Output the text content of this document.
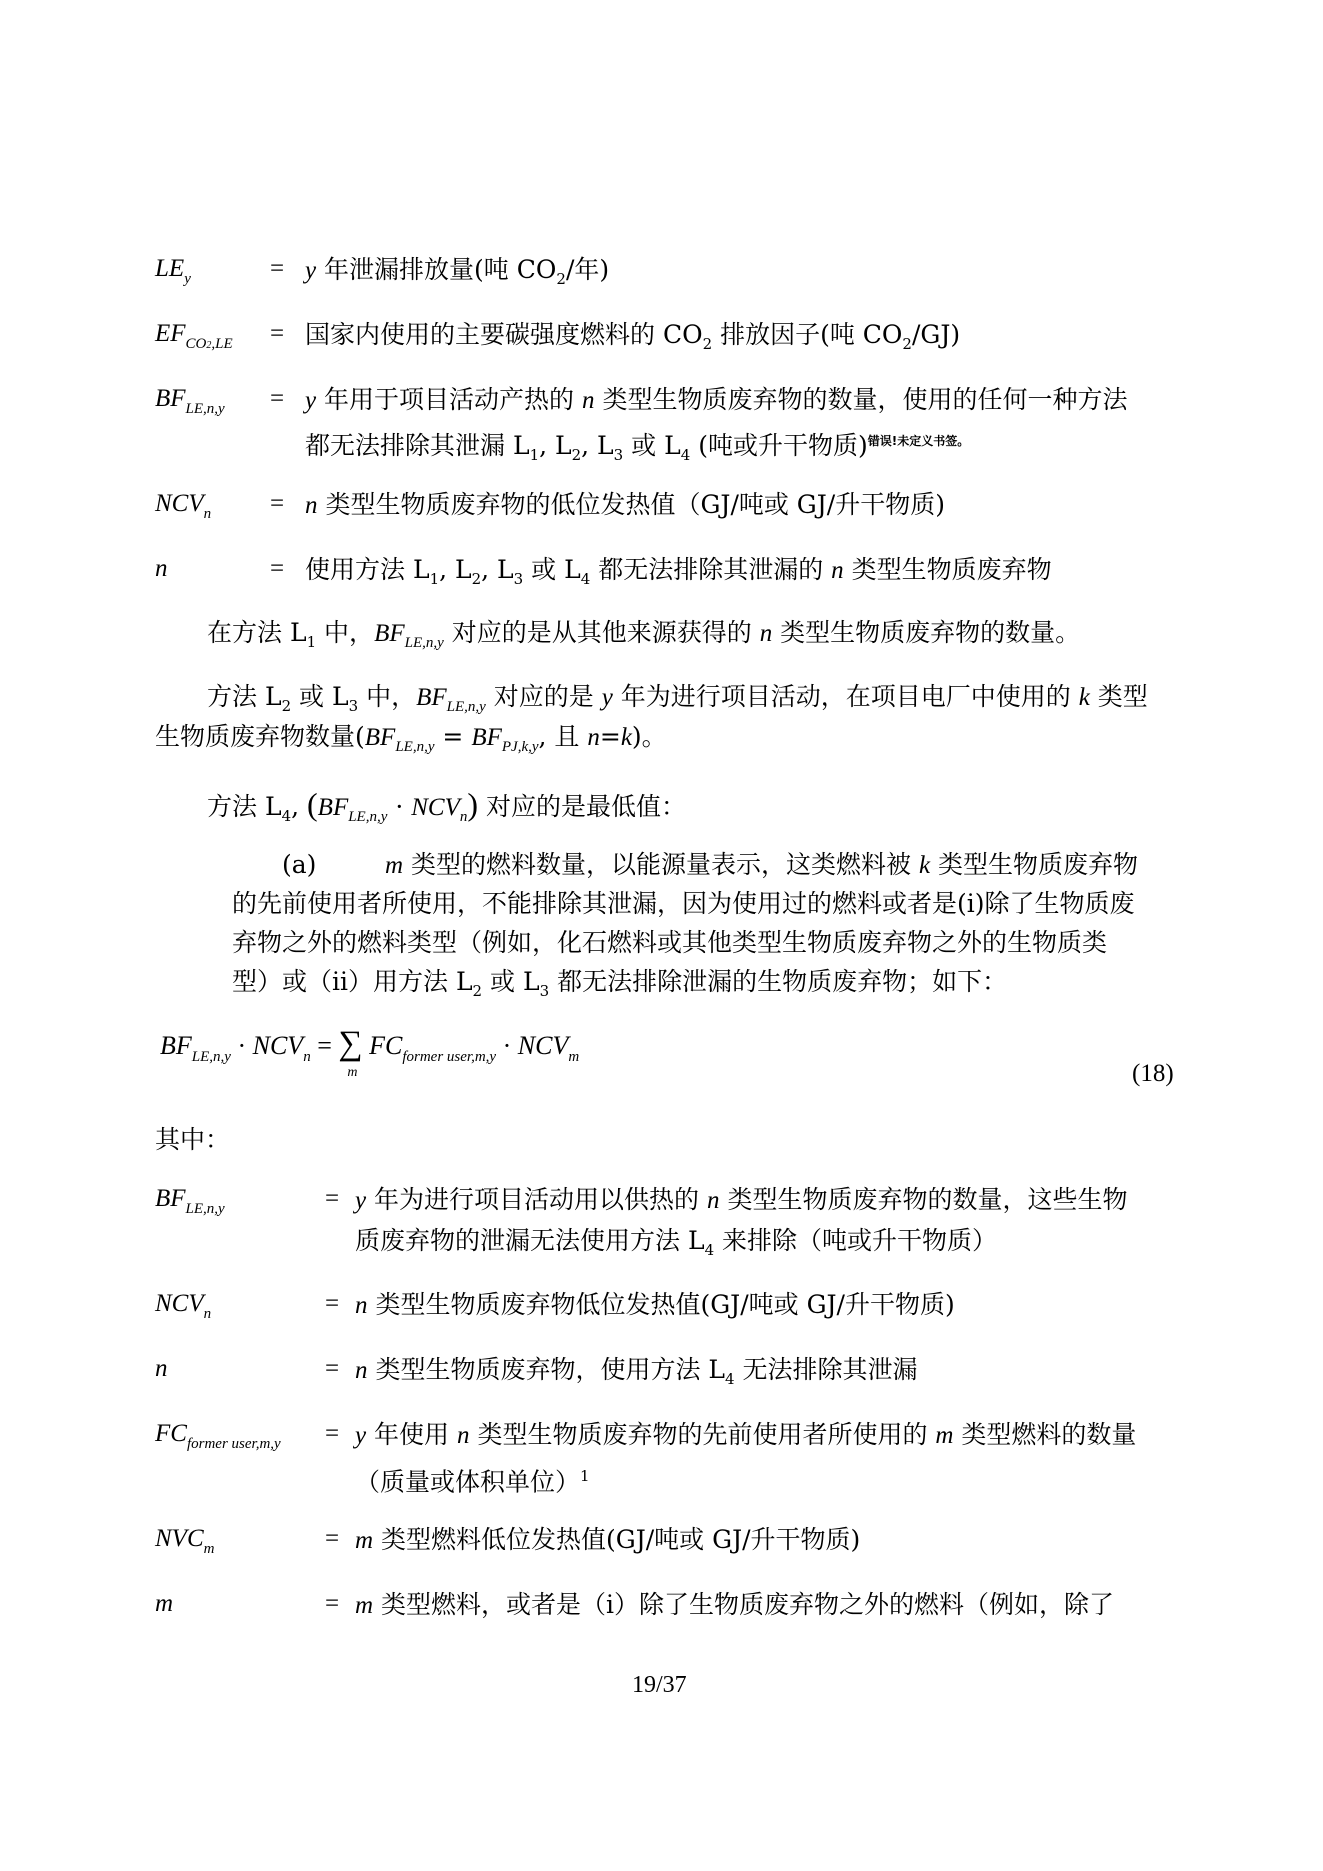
$LE_y$	= y 年泄漏排放量(吨 $CO_2/$年)
$EF_{CO2,LE}$ = 国家内使用的主要碳强度燃料的 $CO_2$ 排放因子(吨 $CO_2/GJ$)
$BF_{LE,n,y} = y$ 年用于项目活动产热的 n 类型生物质废弃物的数量，使用的任何一种方法
都无法排除其泄漏 $L_1$, $L_2$, $L_3$ 或 $L_4$ (吨或升干物质)$^{错误!未定义书签。}$
$NCV_n = n$ 类型生物质废弃物的低位发热值（GJ/吨或 GJ/升干物质)
n	= 使用方法 $L_1$, $L_2$, $L_3$ 或 $L_4$ 都无法排除其泄漏的 n 类型生物质废弃物
在方法 $L_1$ 中，$BF_{LE,n,y}$ 对应的是从其他来源获得的 n 类型生物质废弃物的数量。
方法 $L_2$ 或 $L_3$ 中，$BF_{LE,n,y}$ 对应的是 y 年为进行项目活动，在项目电厂中使用的 k 类型
生物质废弃物数量($BF_{LE,n,y} = BF_{PJ,k,y}$, 且 n=k)。
方法 $L_4$, $(BF_{LE,n,y} \cdot NCV_n)$ 对应的是最低值：
(a)	m 类型的燃料数量，以能源量表示，这类燃料被 k 类型生物质废弃物
的先前使用者所使用，不能排除其泄漏，因为使用过的燃料或者是(i)除了生物质废
弃物之外的燃料类型（例如，化石燃料或其他类型生物质废弃物之外的生物质类
型）或（ii）用方法 $L_2$ 或 $L_3$ 都无法排除泄漏的生物质废弃物；如下：
$BF_{LE,n,y} \cdot NCV_n$ = ∑
m
$FC_{former user,m,y} \cdot NCV_m$
(18)
其中：
$BF_{LE,n,y}$	= y 年为进行项目活动用以供热的 n 类型生物质废弃物的数量，这些生物
质废弃物的泄漏无法使用方法 $L_4$ 来排除（吨或升干物质）
$NCV_n$	= n 类型生物质废弃物低位发热值(GJ/吨或 GJ/升干物质)
n	= n 类型生物质废弃物，使用方法 $L_4$ 无法排除其泄漏
$FC_{former user,m,y} = y$ 年使用 n 类型生物质废弃物的先前使用者所使用的 m 类型燃料的数量
（质量或体积单位）$^1$
$NVC_m$	= m 类型燃料低位发热值(GJ/吨或 GJ/升干物质)
m	= m 类型燃料，或者是（i）除了生物质废弃物之外的燃料（例如，除了
19/37
